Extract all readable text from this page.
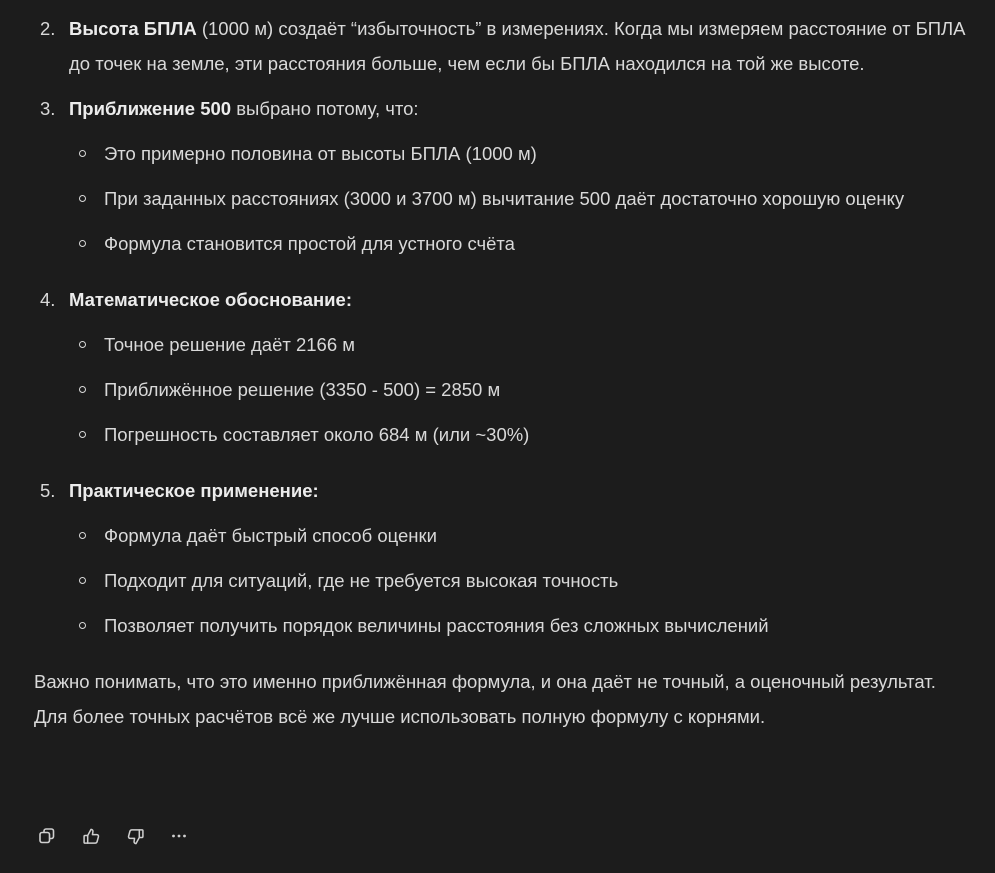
2 . Высота БПЛА (1000 м) создаёт “избыточность” в измерениях. Когда мы измеряем расстояние от БПЛА до точек на земле, эти расстояния больше, чем если бы БПЛА находился на той же высоте.
3 . Приближение 500 выбрано потому, что:
Это примерно половина от высоты БПЛА (1000 м)
При заданных расстояниях (3000 и 3700 м) вычитание 500 даёт достаточно хорошую оценку
Формула становится простой для устного счёта
4 . Математическое обоснование:
Точное решение даёт 2166 м
Приближённое решение (3350 - 500) = 2850 м
Погрешность составляет около 684 м (или ~30%)
5 . Практическое применение:
Формула даёт быстрый способ оценки
Подходит для ситуаций, где не требуется высокая точность
Позволяет получить порядок величины расстояния без сложных вычислений

Важно понимать, что это именно приближённая формула, и она даёт не точный, а оценочный результат. Для более точных расчётов всё же лучше использовать полную формулу с корнями.
